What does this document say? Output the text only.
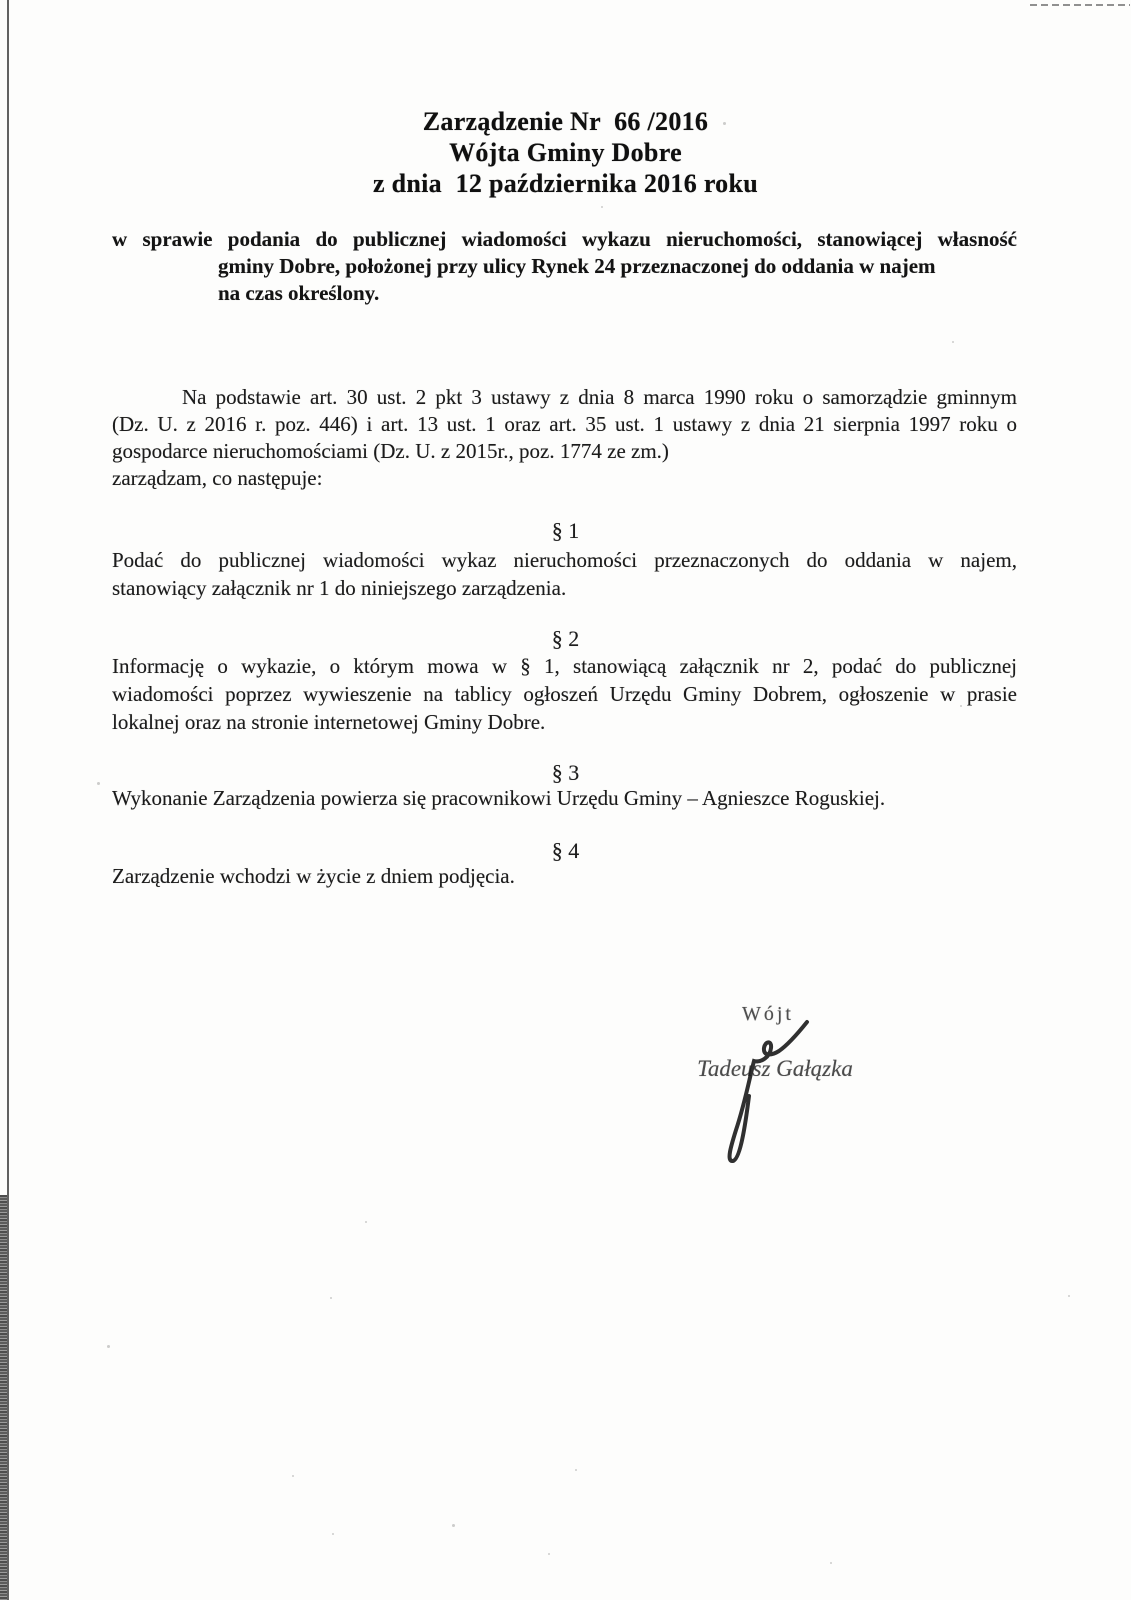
Zarządzenie Nr  66 /2016
Wójta Gminy Dobre
z dnia  12 października 2016 roku
w sprawie podania do publicznej wiadomości wykazu nieruchomości, stanowiącej własność
gminy Dobre, położonej przy ulicy Rynek 24 przeznaczonej do oddania w najem
na czas określony.
Na podstawie art. 30 ust. 2 pkt 3 ustawy z dnia 8 marca 1990 roku o samorządzie gminnym
(Dz. U. z 2016 r. poz. 446) i art. 13 ust. 1 oraz art. 35 ust. 1 ustawy z dnia 21 sierpnia 1997 roku o
gospodarce nieruchomościami (Dz. U. z 2015r., poz. 1774 ze zm.)
zarządzam, co następuje:
§ 1
Podać do publicznej wiadomości wykaz nieruchomości przeznaczonych do oddania w najem,
stanowiący załącznik nr 1 do niniejszego zarządzenia.
§ 2
Informację o wykazie, o którym mowa w § 1, stanowiącą załącznik nr 2, podać do publicznej
wiadomości poprzez wywieszenie na tablicy ogłoszeń Urzędu Gminy Dobrem, ogłoszenie w prasie
lokalnej oraz na stronie internetowej Gminy Dobre.
§ 3
Wykonanie Zarządzenia powierza się pracownikowi Urzędu Gminy – Agnieszce Roguskiej.
§ 4
Zarządzenie wchodzi w życie z dniem podjęcia.
Wójt
Tadeusz Gałązka
